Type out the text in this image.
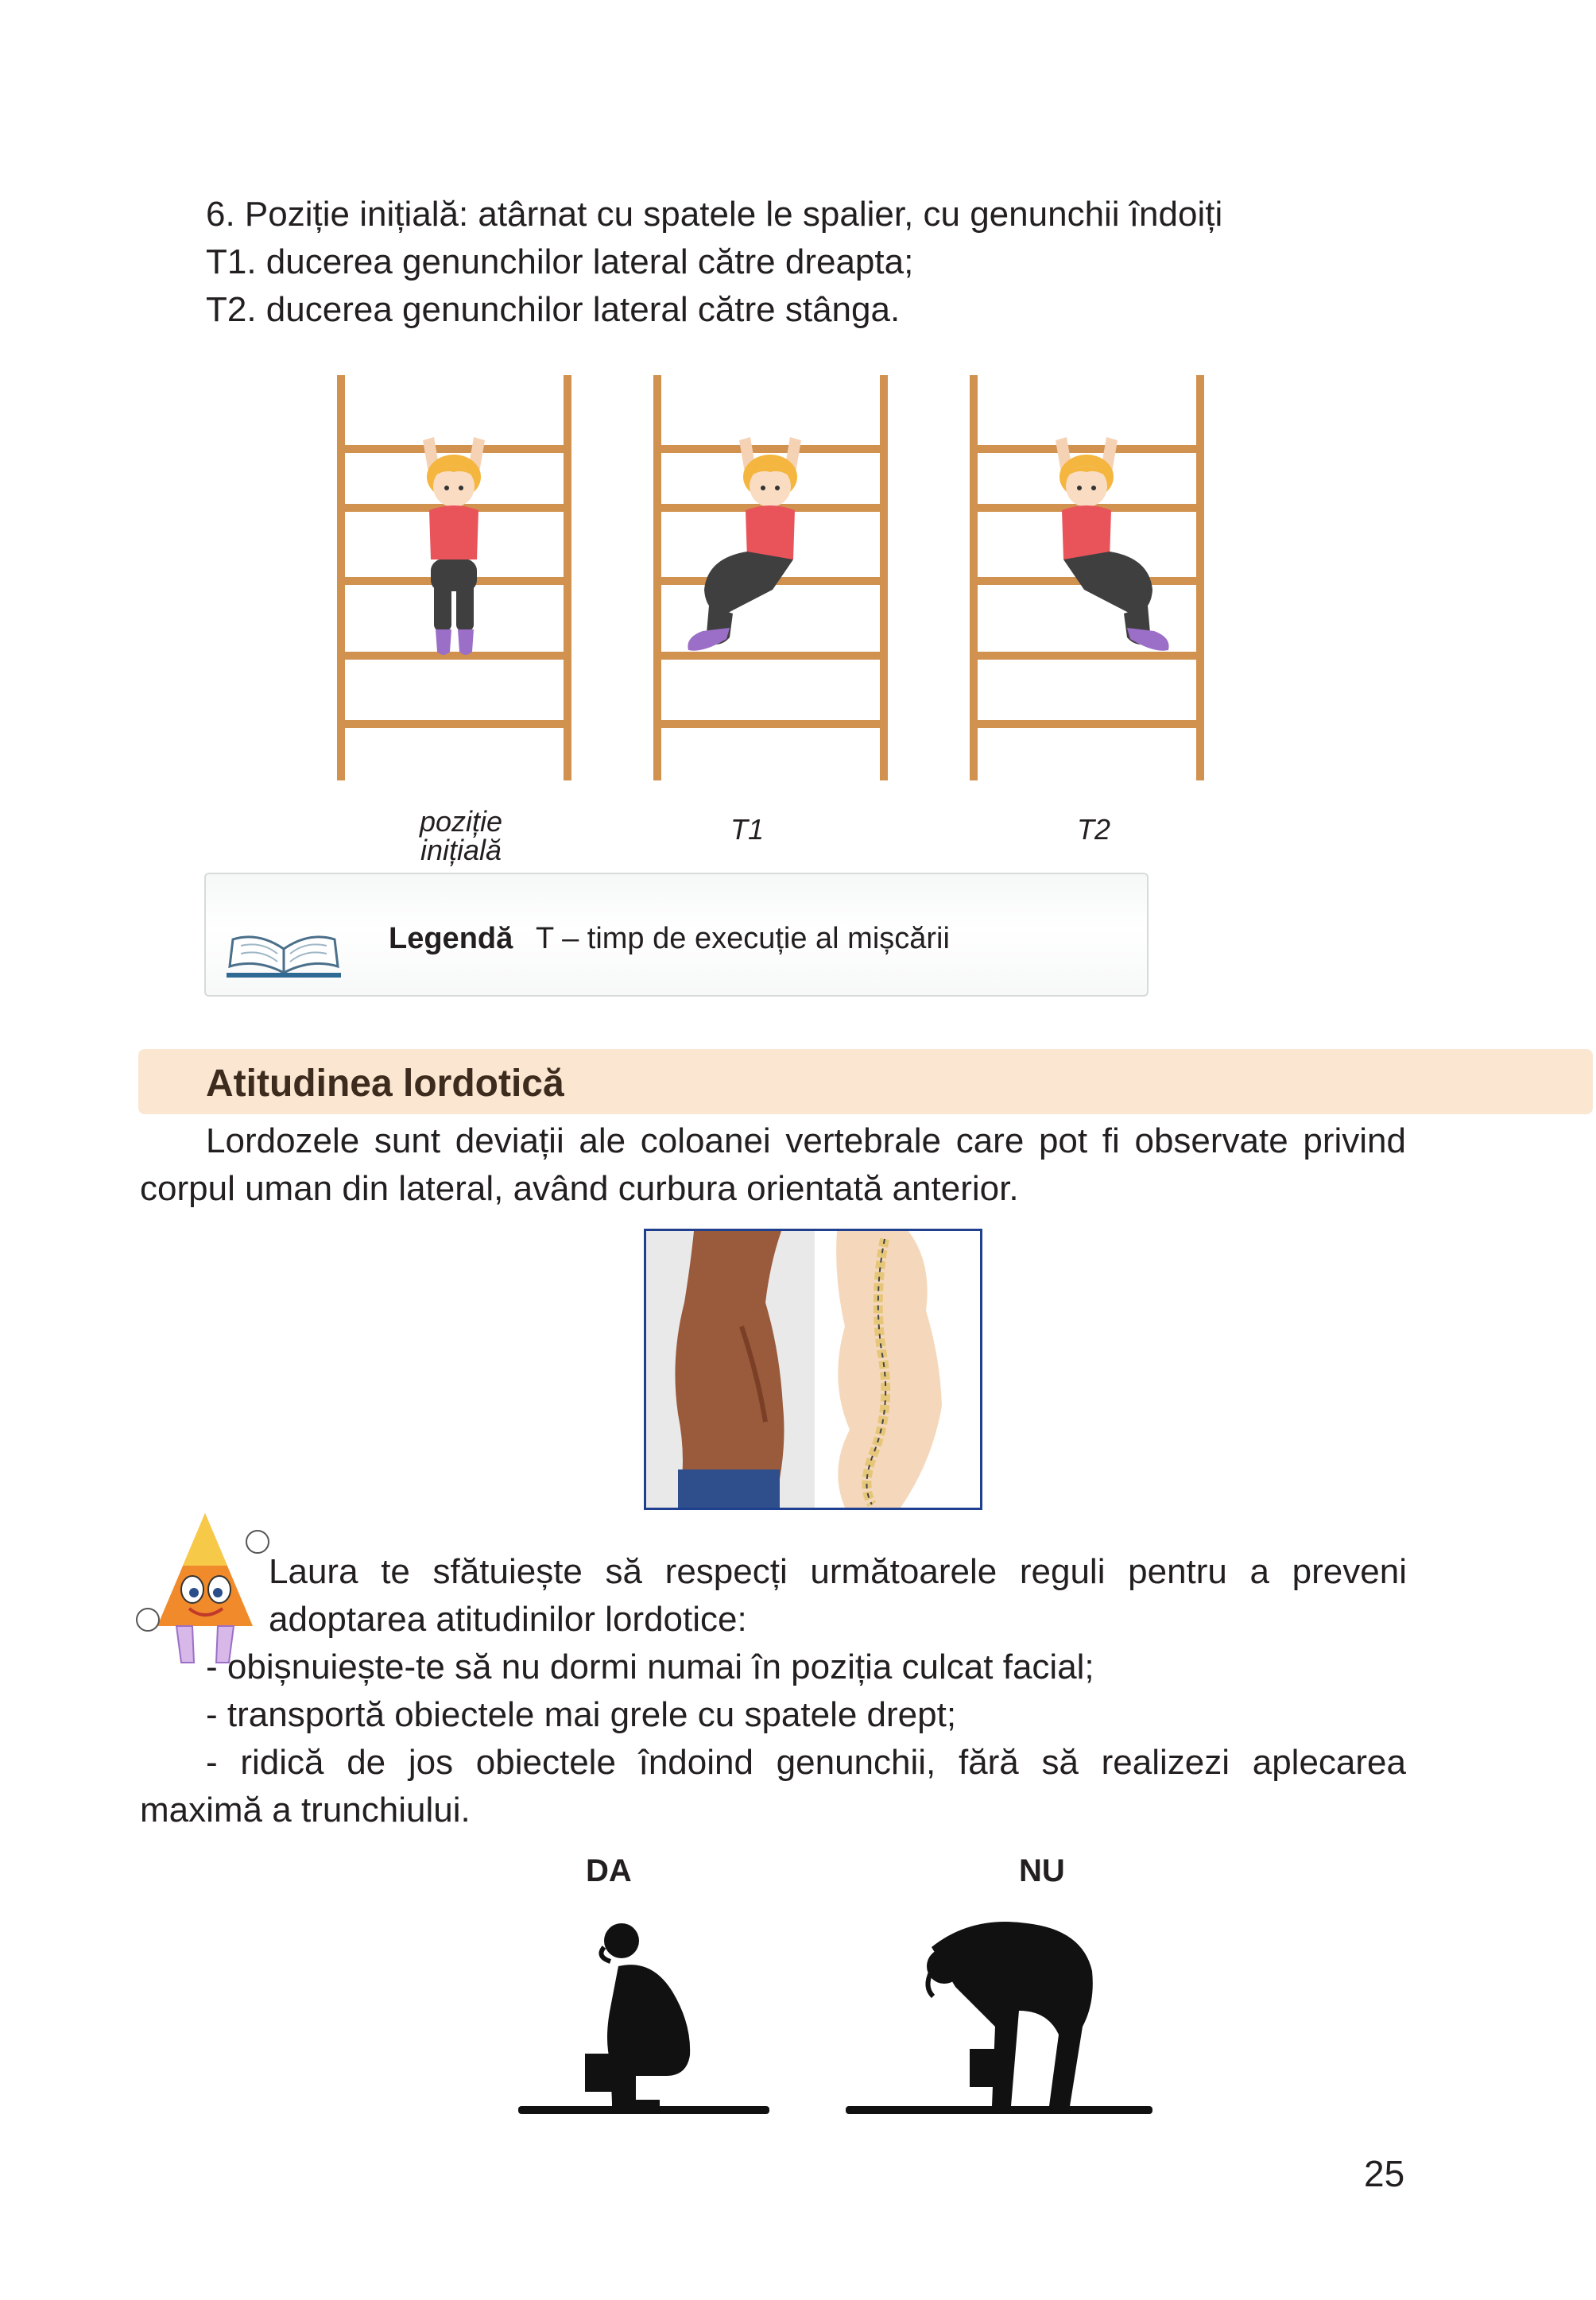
6. Poziție inițială: atârnat cu spatele le spalier, cu genunchii îndoiți
T1. ducerea genunchilor lateral către dreapta;
T2. ducerea genunchilor lateral către stânga.
poziție
inițială
T1	T2
Legendă T – timp de execuție al mișcării
Atitudinea lordotică
Lordozele sunt deviații ale coloanei vertebrale care pot fi observate privind
corpul uman din lateral, având curbura orientată anterior.
Laura te sfătuiește să respecți următoarele reguli pentru a preveni
adoptarea atitudinilor lordotice:
- obișnuiește-te să nu dormi numai în poziția culcat facial;
- transportă obiectele mai grele cu spatele drept;
- ridică de jos obiectele îndoind genunchii, fără să realizezi aplecarea
maximă a trunchiului.
DA	NU
25
